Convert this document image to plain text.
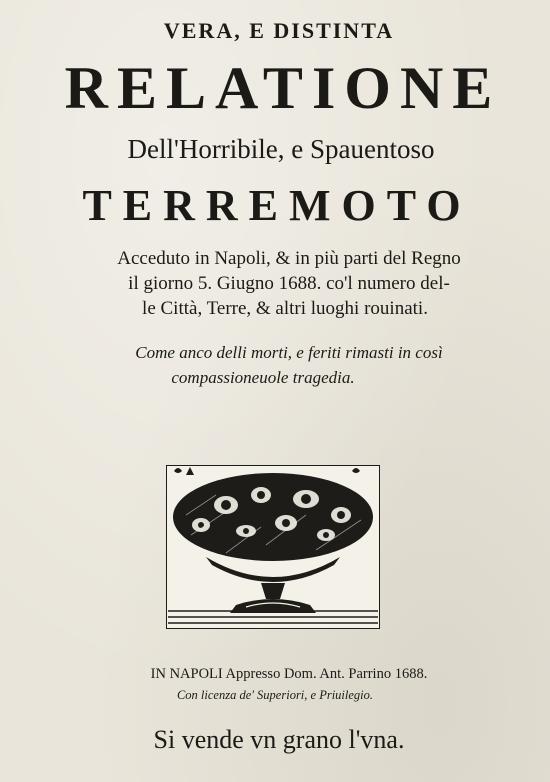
VERA, E DISTINTA
RELATIONE
Dell'Horribile, e Spauentoso
TERREMOTO
Acceduto in Napoli, & in più parti del Regno
il giorno 5. Giugno 1688. co'l numero del-
le Città, Terre, & altri luoghi rouinati.
Come anco delli morti, e feriti rimasti in così
compassioneuole tragedia.
IN NAPOLI Appresso Dom. Ant. Parrino 1688.
Con licenza de' Superiori, e Priuilegio.
Si vende vn grano l'vna.
